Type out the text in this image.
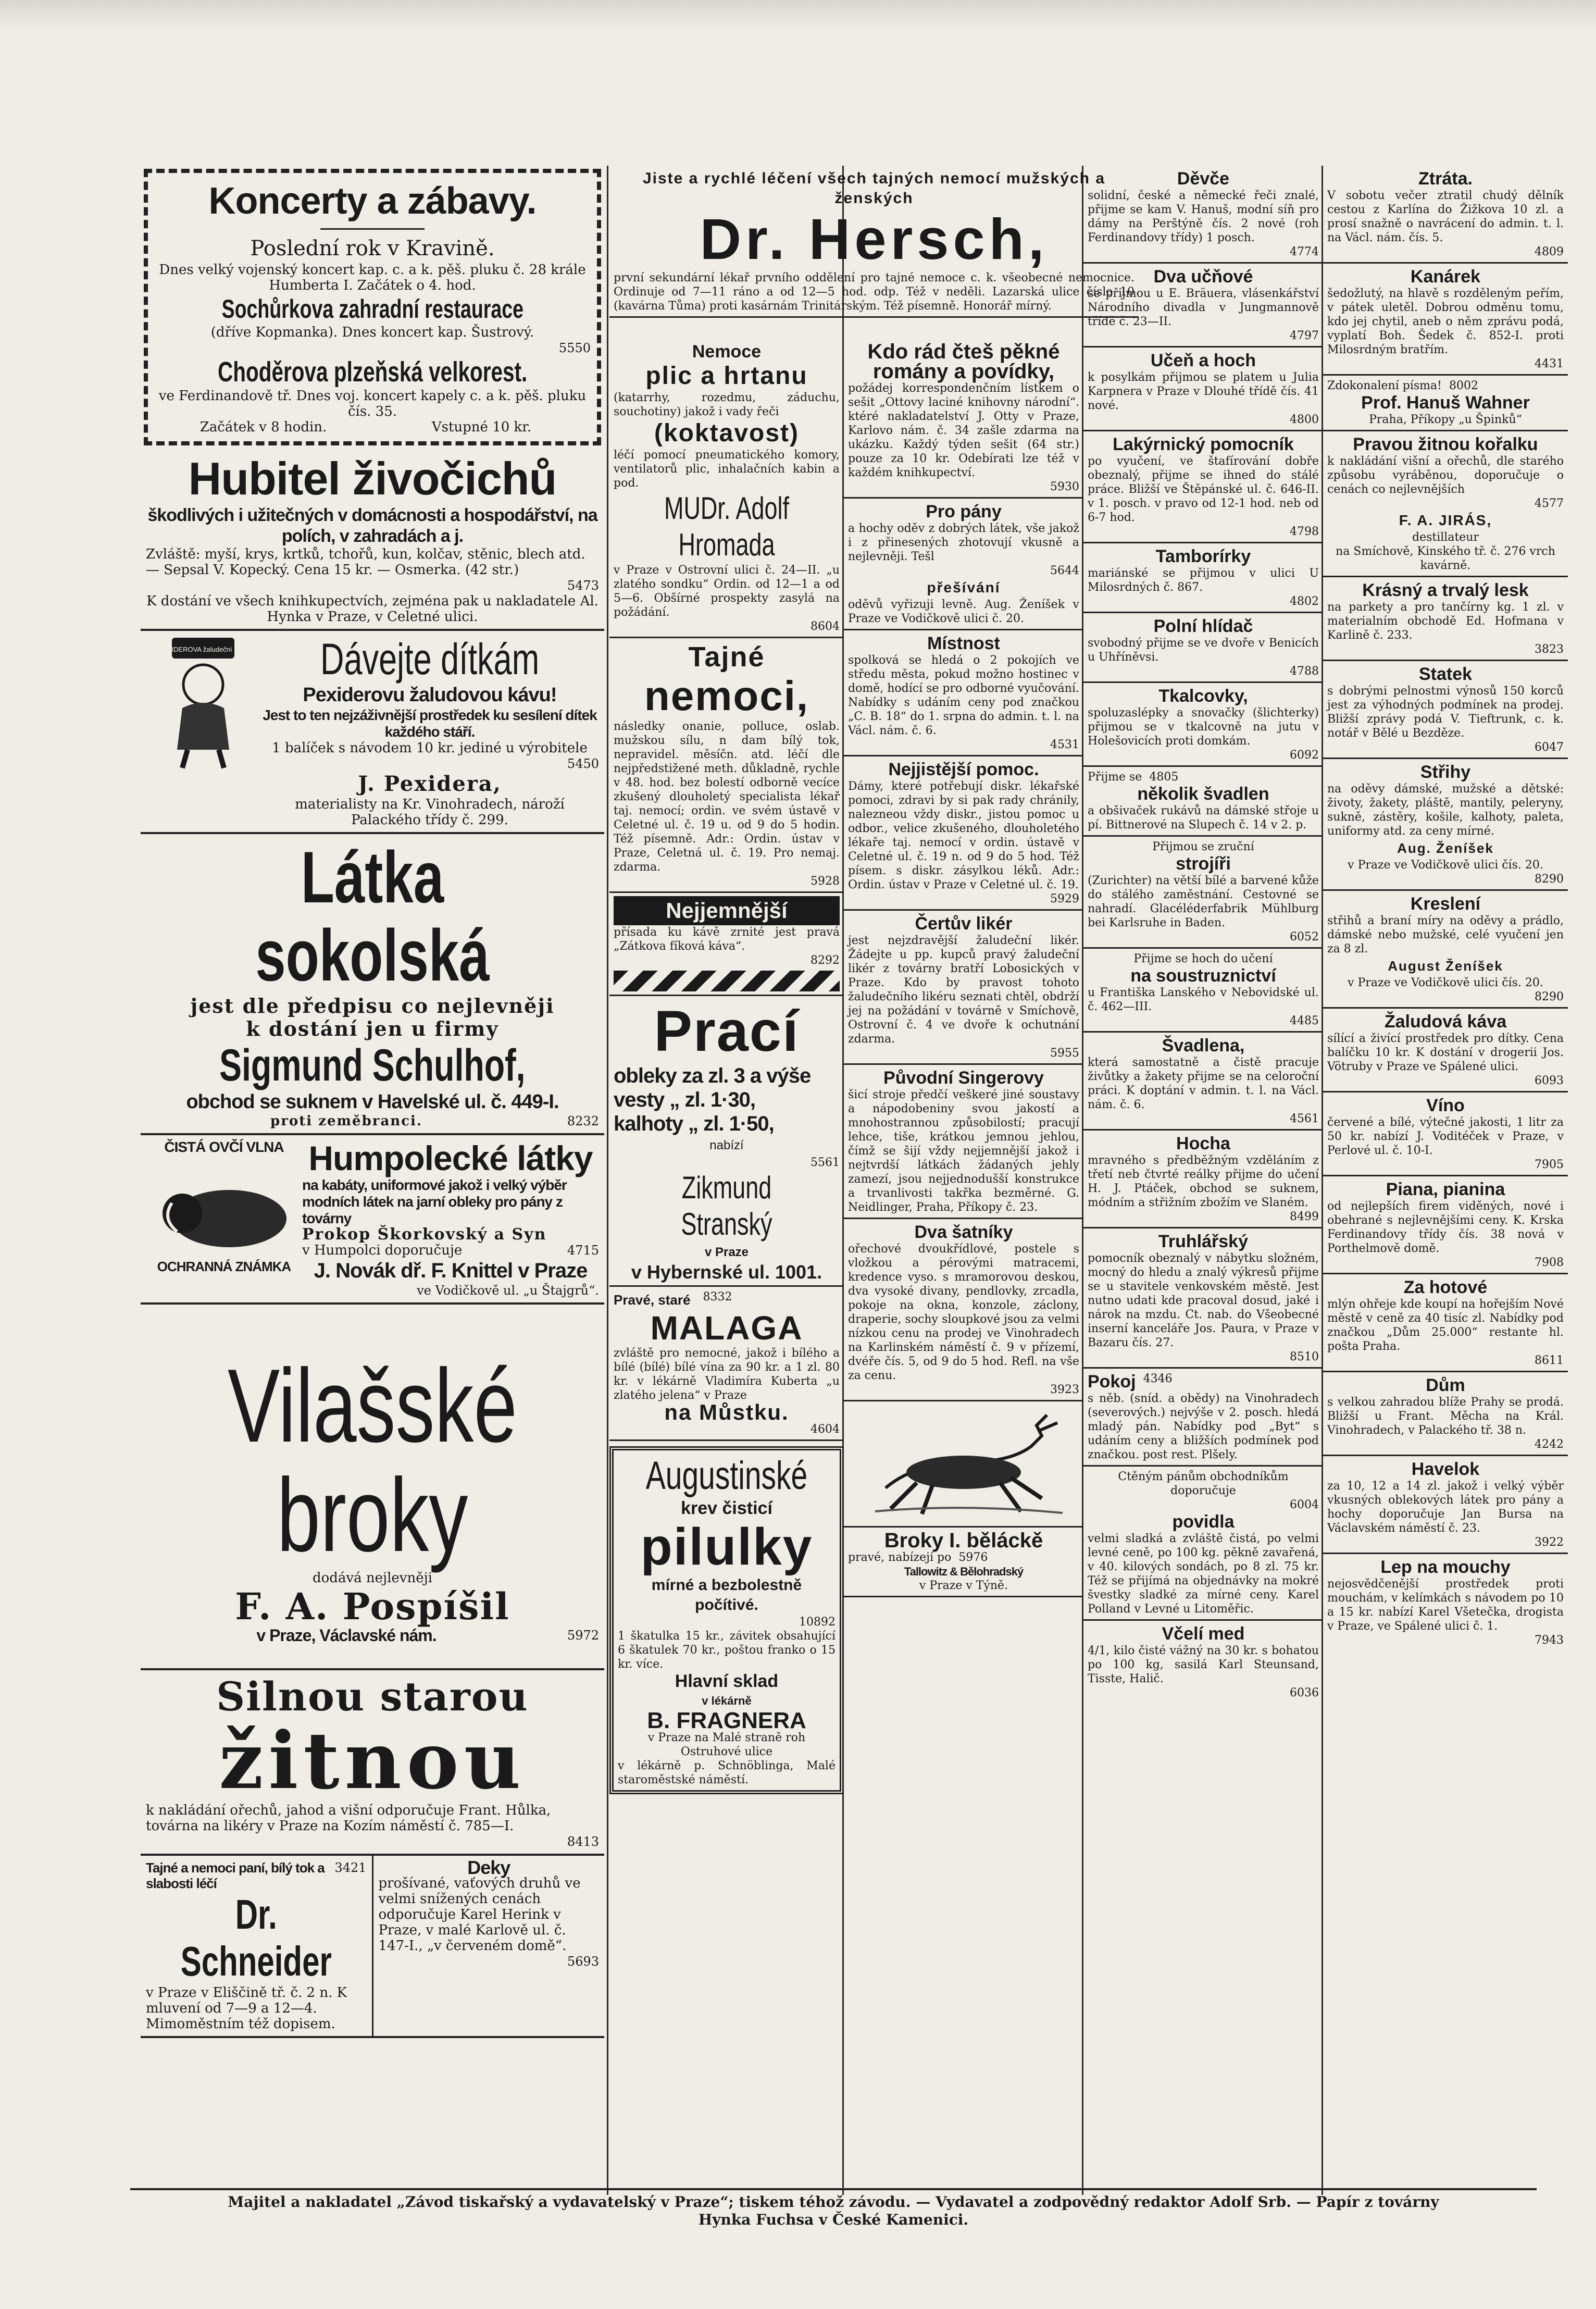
Koncerty a zábavy.

Poslední rok v Kravině.

Dnes velký vojenský koncert kap. c. a k. pěš. pluku č. 28 krále Humberta I. Začátek o 4. hod.

Sochůrkova zahradní restaurace

(dříve Kopmanka). Dnes koncert kap. Šustrový.

5550

Choděrova plzeňská velkorest.

ve Ferdinandově tř. Dnes voj. koncert kapely c. a k. pěš. pluku čís. 35.

Začátek v 8 hodin.	Vstupné 10 kr.
Hubitel živočichů

škodlivých i užitečných v domácnosti a hospodářství, na polích, v zahradách a j.

Zvláště: myší, krys, krtků, tchořů, kun, kolčav, stěnic, blech atd. — Sepsal V. Kopecký. Cena 15 kr. — Osmerka. (42 str.)

5473

K dostání ve všech knihkupectvích, zejména pak u nakladatele Al. Hynka v Praze, v Celetné ulici.

PEXIDEROVA žaludeční káva	Dávejte dítkám

Pexiderovu žaludovou kávu!

Jest to ten nejzáživnější prostředek ku sesílení dítek každého stáří.

1 balíček s návodem 10 kr. jediné u výrobitele

5450

J. Pexidera,

materialisty na Kr. Vinohradech, nároží Palackého třídy č. 299.

Látka sokolská

jest dle předpisu co nejlevněji

k dostání jen u firmy

Sigmund Schulhof,

obchod se suknem v Havelské ul. č. 449-I.

proti zeměbranci.	8232
ČISTÁ OVČÍ VLNA Humpolecké látky

na kabáty, uniformové jakož i velký výběr modních látek na jarní obleky pro pány z továrny

Prokop Škorkovský a Syn

v Humpolci doporučuje	4715
OCHRANNÁ ZNÁMKA	J. Novák dř. F. Knittel v Praze

ve Vodičkově ul. „u Štajgrů“.

Vilašské broky

dodává nejlevněji

F. A. Pospíšil

v Praze, Václavské nám.	5972
Silnou starou
žitnou

k nakládání ořechů, jahod a višní odporučuje Frant. Hůlka, továrna na likéry v Praze na Kozím náměstí č. 785—I.

8413

Tajné a nemoci paní, bílý tok a slabosti léčí

3421

Dr. Schneider

v Praze v Eliščině tř. č. 2 n. K mluvení od 7—9 a 12—4. Mimoměstním též dopisem.

Deky

prošívané, vaťových druhů ve velmi snížených cenách odporučuje Karel Herink v Praze, v malé Karlově ul. č. 147-I., „v červeném domě“.

5693

Jiste a rychlé léčení všech tajných nemocí mužských a ženských
Dr. Hersch,
první sekundární lékař prvního oddělení pro tajné nemoce c. k. všeobecné nemocnice. Ordinuje od 7—11 ráno a od 12—5 hod. odp. Též v neděli. Lazarská ulice číslo 10 (kavárna Tůma) proti kasárnám Trinitárským. Též písemně. Honorář mírný.
Nemoce
plic a hrtanu
(katarrhy, rozedmu, záduchu, souchotiny) jakož i vady řeči
(koktavost)
léčí pomocí pneumatického komory, ventilatorů plic, inhalačních kabin a pod.
MUDr. Adolf Hromada
v Praze v Ostrovní ulici č. 24—II. „u zlatého sondku“ Ordin. od 12—1 a od 5—6. Obšírné prospekty zasylá na požádání.
8604
Tajné
nemoci,
následky onanie, polluce, oslab. mužskou sílu, n dam bílý tok, nepravidel. měsíčn. atd. léčí dle nejpředstižené meth. důkladně, rychle v 48. hod. bez bolestí odborně vecíce zkušený dlouholetý specialista lékař taj. nemocí; ordin. ve svém ústavě v Celetné ul. č. 19 u. od 9 do 5 hodin. Též písemně. Adr.: Ordin. ústav v Praze, Celetná ul. č. 19. Pro nemaj. zdarma.
5928
Nejjemnější
přísada ku kávě zrnité jest pravá „Zátkova fíková káva“.
8292
Prací
obleky za zl. 3 a výše
vesty „ zl. 1·30,
kalhoty „ zl. 1·50,
nabízí
5561
Zikmund Stranský
v Praze
v Hybernské ul. 1001.
Pravé, staré	8332
MALAGA
zvláště pro nemocné, jakož i bílého a bílé (bílé) bílé vína za 90 kr. a 1 zl. 80 kr. v lékárně Vladimíra Kuberta „u zlatého jelena“ v Praze
na Můstku.
4604
Augustinské
krev čisticí
pilulky
mírné a bezbolestně počítivé.
10892
1 škatulka 15 kr., závitek obsahující 6 škatulek 70 kr., poštou franko o 15 kr. více.
Hlavní sklad
v lékárně
B. FRAGNERA
v Praze na Malé straně roh Ostruhové ulice
v lékárně p. Schnöblinga, Malé staroměstské náměstí.
Kdo rád čteš pěkné
romány a povídky,
požádej korrespondenčním lístkem o sešit „Ottovy laciné knihovny národní“. ktéré nakladatelství J. Otty v Praze, Karlovo nám. č. 34 zašle zdarma na ukázku. Každý týden sešit (64 str.) pouze za 10 kr. Odebírati lze též v každém knihkupectví.
5930
Pro pány
a hochy oděv z dobrých látek, vše jakož i z přinesených zhotovují vkusně a nejlevněji. Tešl
5644
přešívání
oděvů vyřizuji levně. Aug. Ženíšek v Praze ve Vodičkově ulici č. 20.
Místnost
spolková se hledá o 2 pokojích ve středu města, pokud možno hostinec v domě, hodící se pro odborné vyučování. Nabídky s udáním ceny pod značkou „C. B. 18“ do 1. srpna do admin. t. l. na Václ. nám. č. 6.
4531
Nejjistější pomoc.
Dámy, které potřebují diskr. lékařské pomoci, zdravi by si pak rady chránily, nalezneou vždy diskr., jistou pomoc u odbor., velice zkušeného, dlouholetého lékaře taj. nemocí v ordin. ústavě v Celetné ul. č. 19 n. od 9 do 5 hod. Též písem. s diskr. zásylkou léků. Adr.: Ordin. ústav v Praze v Celetné ul. č. 19.
5929
Čertův likér
jest nejzdravější žaludeční likér. Žádejte u pp. kupců pravý žaludeční likér z továrny bratří Lobosických v Praze. Kdo by pravost tohoto žaludečního likéru seznati chtěl, obdrží jej na požádání v továrně v Smíchově, Ostrovní č. 4 ve dvoře k ochutnání zdarma.
5955
Původní Singerovy
šicí stroje předčí veškeré jiné soustavy a nápodobeniny svou jakostí a mnohostrannou způsobilostí; pracují lehce, tiše, krátkou jemnou jehlou, čímž se šijí vždy nejjemnější jakož i nejtvrdší látkách žádaných jehly zamezí, jsou nejjednodušší konstrukce a trvanlivosti takřka bezměrné. G. Neidlinger, Praha, Příkopy č. 23.
Dva šatníky
ořechové dvoukřídlové, postele s vložkou a pérovými matracemi, kredence vyso. s mramorovou deskou, dva vysoké divany, pendlovky, zrcadla, pokoje na okna, konzole, záclony, draperie, sochy sloupkové jsou za velmi nízkou cenu na prodej ve Vinohradech na Karlinském náměstí č. 9 v přízemí, dvéře čís. 5, od 9 do 5 hod. Refl. na vše za cenu.
3923
Broky I. běláckě
pravé, nabízejí po 5976
Tallowitz & Bělohradský
v Praze v Týně.
Děvče
solidní, české a německé řeči znalé, přijme se kam V. Hanuš, modní síň pro dámy na Perštýně čís. 2 nové (roh Ferdinandovy třídy) 1 posch.
4774
Dva učňové
se přijmou u E. Bräuera, vlásenkářství Národního divadla v Jungmannově třídě č. 23—II.
4797
Učeň a hoch
k posylkám přijmou se platem u Julia Karpnera v Praze v Dlouhé třídě čís. 41 nové.
4800
Lakýrnický pomocník
po vyučení, ve štafírování dobře obeznalý, přijme se ihned do stálé práce. Bližší ve Štěpánské ul. č. 646-II. v 1. posch. v pravo od 12-1 hod. neb od 6-7 hod.
4798
Tamborírky
mariánské se přijmou v ulici U Milosrdných č. 867.
4802
Polní hlídač
svobodný přijme se ve dvoře v Benicích u Uhříněvsi.
4788
Tkalcovky,
spoluzaslépky a snovačky (šlichterky) přijmou se v tkalcovně na jutu v Holešovicích proti domkám.
6092
Přijme se 4805
několik švadlen
a obšivaček rukávů na dámské střoje u pí. Bittnerové na Slupech č. 14 v 2. p.
Přijmou se zruční
strojíři
(Zurichter) na větší bílé a barvené kůže do stálého zaměstnání. Cestovné se nahradí. Glacéléderfabrik Mühlburg bei Karlsruhe in Baden.
6052
Přijme se hoch do učení
na soustruznictví
u Františka Lanského v Nebovidské ul. č. 462—III.
4485
Švadlena,
která samostatně a čistě pracuje živůtky a žakety přijme se na celoroční práci. K doptání v admin. t. l. na Václ. nám. č. 6.
4561
Hocha
mravného s předběžným vzděláním z třetí neb čtvrté reálky přijme do učení H. J. Ptáček, obchod se suknem, módním a střižním zbožím ve Slaném.
8499
Truhlářský
pomocník obeznalý v nábytku složném, mocný do hledu a znalý výkresů přijme se u stavitele venkovském městě. Jest nutno udati kde pracoval dosud, jaké i nárok na mzdu. Ct. nab. do Všeobecné inserní kanceláře Jos. Paura, v Praze v Bazaru čís. 27.
8510
Pokoj 4346
s něb. (sníd. a obědy) na Vinohradech (severových.) nejvýše v 2. posch. hledá mladý pán. Nabídky pod „Byt“ s udáním ceny a bližších podmínek pod značkou. post rest. Plšely.
Ctěným pánům obchodníkům doporučuje
6004
povidla
velmi sladká a zvláště čistá, po velmi levné ceně, po 100 kg. pěkně zavařená, v 40. kilových sondách, po 8 zl. 75 kr. Též se přijímá na objednávky na mokré švestky sladké za mírné ceny. Karel Polland v Levné u Litoměřic.
Včelí med
4/1, kilo čisté vážný na 30 kr. s bohatou po 100 kg, sasilá Karl Steunsand, Tisste, Halič.
6036
Ztráta.
V sobotu večer ztratil chudý dělník cestou z Karlína do Žižkova 10 zl. a prosí snažně o navrácení do admin. t. l. na Václ. nám. čís. 5.
4809
Kanárek
šedožlutý, na hlavě s rozděleným peřím, v pátek uletěl. Dobrou odměnu tomu, kdo jej chytil, aneb o něm zprávu podá, vyplatí Boh. Šedek č. 852-I. proti Milosrdným bratřím.
4431
Zdokonalení písma! 8002
Prof. Hanuš Wahner
Praha, Příkopy „u Špinků“
Pravou žitnou kořalku
k nakládání višní a ořechů, dle starého způsobu vyráběnou, doporučuje o cenách co nejlevnějších
4577
F. A. JIRÁS,
destillateur
na Smíchově, Kinského tř. č. 276 vrch kavárně.
Krásný a trvalý lesk
na parkety a pro tančírny kg. 1 zl. v materialním obchodě Ed. Hofmana v Karlině č. 233.
3823
Statek
s dobrými pelnostmi výnosů 150 korců jest za výhodných podmínek na prodej. Bližší zprávy podá V. Tieftrunk, c. k. notář v Bělé u Bezděze.
6047
Střihy
na oděvy dámské, mužské a dětské: životy, žakety, pláště, mantily, peleryny, sukně, zástěry, košile, kalhoty, paleta, uniformy atd. za ceny mírné.
Aug. Ženíšek
v Praze ve Vodičkově ulici čís. 20.
8290
Kreslení
střihů a braní míry na oděvy a prádlo, dámské nebo mužské, celé vyučení jen za 8 zl.
August Ženíšek
v Praze ve Vodičkově ulici čís. 20.
8290
Žaludová káva
sílící a živící prostředek pro dítky. Cena balíčku 10 kr. K dostání v drogerii Jos. Vötruby v Praze ve Spálené ulici.
6093
Víno
červené a bílé, výtečné jakosti, 1 litr za 50 kr. nabízí J. Voditéček v Praze, v Perlové ul. č. 10-I.
7905
Piana, pianina
od nejlepších firem viděných, nové i obehrané s nejlevnějšími ceny. K. Krska Ferdinandovy třídy čís. 38 nová v Porthelmově domě.
7908
Za hotové
mlýn ohřeje kde koupí na hořejším Nové městě v ceně za 40 tisíc zl. Nabídky pod značkou „Dům 25.000“ restante hl. pošta Praha.
8611
Dům
s velkou zahradou blíže Prahy se prodá. Bližší u Frant. Měcha na Král. Vinohradech, v Palackého tř. 38 n.
4242
Havelok
za 10, 12 a 14 zl. jakož i velký výběr vkusných oblekových látek pro pány a hochy doporučuje Jan Bursa na Václavském náměstí č. 23.
3922
Lep na mouchy
nejosvědčenější prostředek proti mouchám, v kelímkách s návodem po 10 a 15 kr. nabízí Karel Všetečka, drogista v Praze, ve Spálené ulici č. 1.
7943
Majitel a nakladatel „Závod tiskařský a vydavatelský v Praze“; tiskem téhož závodu. — Vydavatel a zodpovědný redaktor Adolf Srb. — Papír z továrny
Hynka Fuchsa v České Kamenici.
